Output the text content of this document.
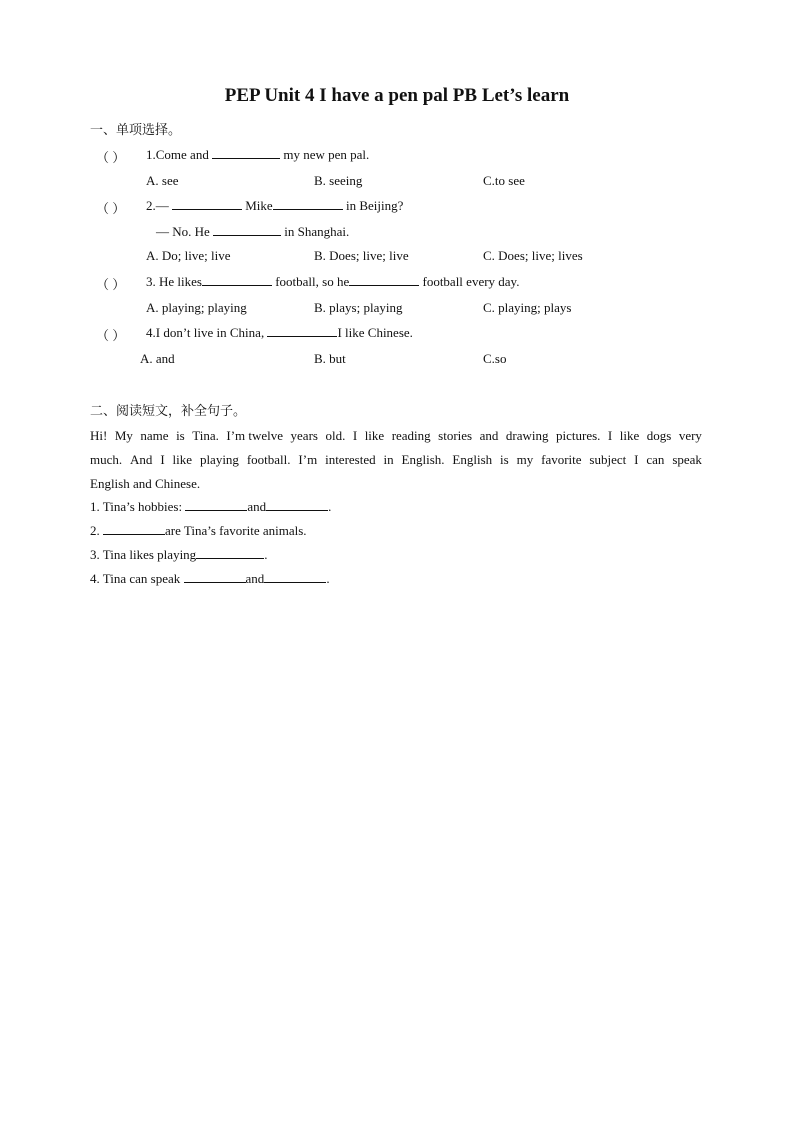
PEP Unit 4 I have a pen pal PB Let’s learn
一、单项选择。
（ ） 1.Come and	my new pen pal.
A. see	B. seeing	C.to see
（ ） 2.—	Mike	in Beijing?
— No. He	in Shanghai.
A. Do; live; live	B. Does; live; live	C. Does; live; lives
（ ） 3. He likes	football, so he	football every day.
A. playing; playing	B. plays; playing	C. playing; plays
（ ） 4.I don’t live in China,	I like Chinese.
A. and	B. but	C.so
二、阅读短文，补全句子。
Hi! My name is Tina. I’m twelve years old. I like reading stories and drawing pictures. I like dogs very
much. And I like playing football. I’m interested in English. English is my favorite subject I can speak
English and Chinese.
1. Tina’s hobbies:	and	.
2.	are Tina’s favorite animals.
3. Tina likes playing	.
4. Tina can speak	and	.
